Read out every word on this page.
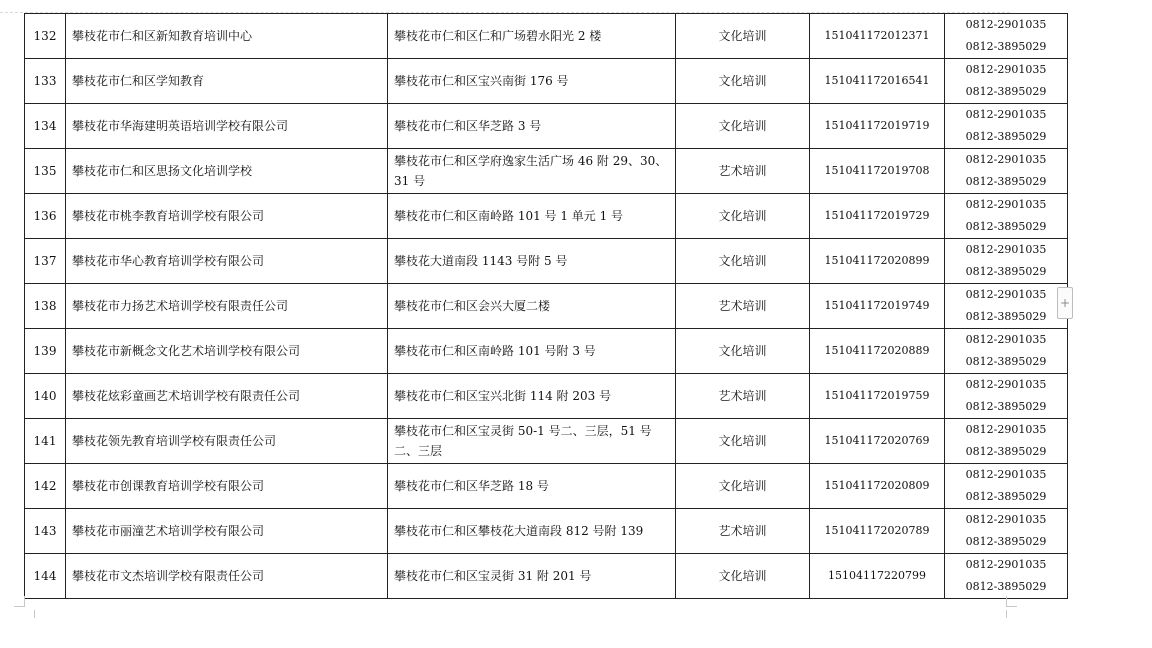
132	攀枝花市仁和区新知教育培训中心	攀枝花市仁和区仁和广场碧水阳光 2 楼	文化培训	151041172012371	0812-2901035
0812-3895029

133	攀枝花市仁和区学知教育	攀枝花市仁和区宝兴南街 176 号	文化培训	151041172016541	0812-2901035
0812-3895029

134	攀枝花市华海建明英语培训学校有限公司	攀枝花市仁和区华芝路 3 号	文化培训	151041172019719	0812-2901035
0812-3895029

135	攀枝花市仁和区思扬文化培训学校	攀枝花市仁和区学府逸家生活广场 46 附 29、30、31 号	艺术培训	151041172019708	0812-2901035
0812-3895029

136	攀枝花市桃李教育培训学校有限公司	攀枝花市仁和区南岭路 101 号 1 单元 1 号	文化培训	151041172019729	0812-2901035
0812-3895029

137	攀枝花市华心教育培训学校有限公司	攀枝花大道南段 1143 号附 5 号	文化培训	151041172020899	0812-2901035
0812-3895029

138	攀枝花市力扬艺术培训学校有限责任公司	攀枝花市仁和区会兴大厦二楼	艺术培训	151041172019749	0812-2901035
0812-3895029

139	攀枝花市新概念文化艺术培训学校有限公司	攀枝花市仁和区南岭路 101 号附 3 号	文化培训	151041172020889	0812-2901035
0812-3895029

140	攀枝花炫彩童画艺术培训学校有限责任公司	攀枝花市仁和区宝兴北街 114 附 203 号	艺术培训	151041172019759	0812-2901035
0812-3895029

141	攀枝花领先教育培训学校有限责任公司	攀枝花市仁和区宝灵街 50-1 号二、三层，51 号二、三层	文化培训	151041172020769	0812-2901035
0812-3895029

142	攀枝花市创课教育培训学校有限公司	攀枝花市仁和区华芝路 18 号	文化培训	151041172020809	0812-2901035
0812-3895029

143	攀枝花市丽潼艺术培训学校有限公司	攀枝花市仁和区攀枝花大道南段 812 号附 139	艺术培训	151041172020789	0812-2901035
0812-3895029

144	攀枝花市文杰培训学校有限责任公司	攀枝花市仁和区宝灵街 31 附 201 号	文化培训	15104117220799	0812-2901035
0812-3895029
+
